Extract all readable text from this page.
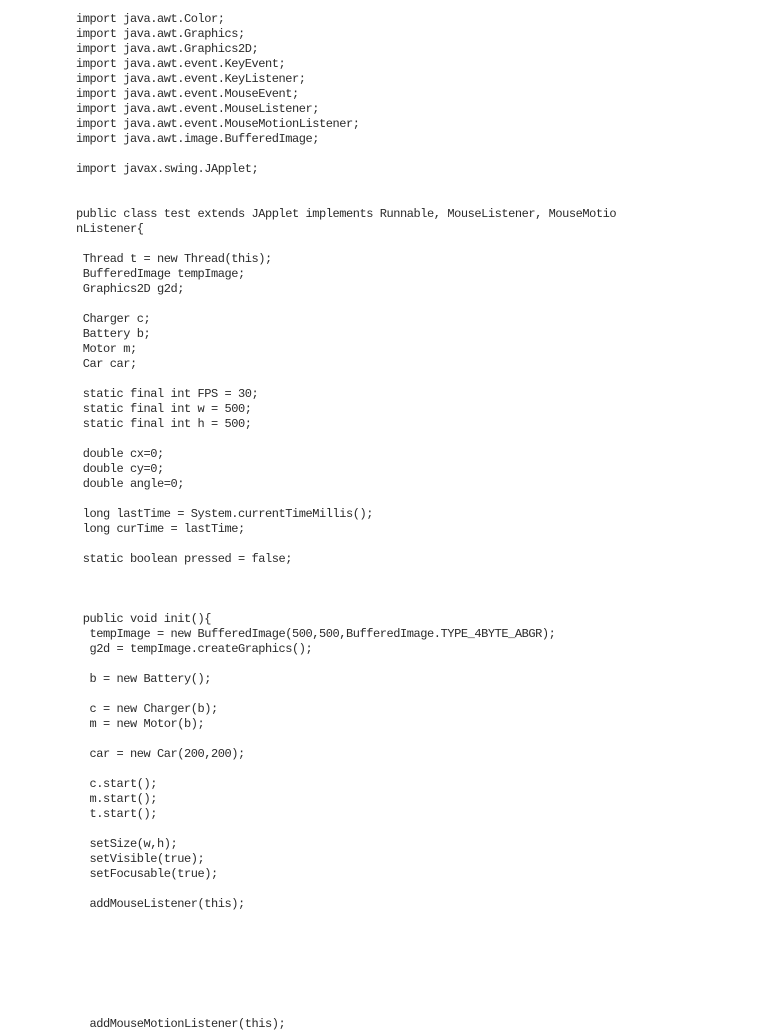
import java.awt.Color;
import java.awt.Graphics;
import java.awt.Graphics2D;
import java.awt.event.KeyEvent;
import java.awt.event.KeyListener;
import java.awt.event.MouseEvent;
import java.awt.event.MouseListener;
import java.awt.event.MouseMotionListener;
import java.awt.image.BufferedImage;
import javax.swing.JApplet;
public class test extends JApplet implements Runnable, MouseListener, MouseMotio
nListener{
Thread t = new Thread(this);
BufferedImage tempImage;
Graphics2D g2d;
Charger c;
Battery b;
Motor m;
Car car;
static final int FPS = 30;
static final int w = 500;
static final int h = 500;
double cx=0;
double cy=0;
double angle=0;
long lastTime = System.currentTimeMillis();
long curTime = lastTime;
static boolean pressed = false;
public void init(){
tempImage = new BufferedImage(500,500,BufferedImage.TYPE_4BYTE_ABGR);
g2d = tempImage.createGraphics();
b = new Battery();
c = new Charger(b);
m = new Motor(b);
car = new Car(200,200);
c.start();
m.start();
t.start();
setSize(w,h);
setVisible(true);
setFocusable(true);
addMouseListener(this);
addMouseMotionListener(this);
